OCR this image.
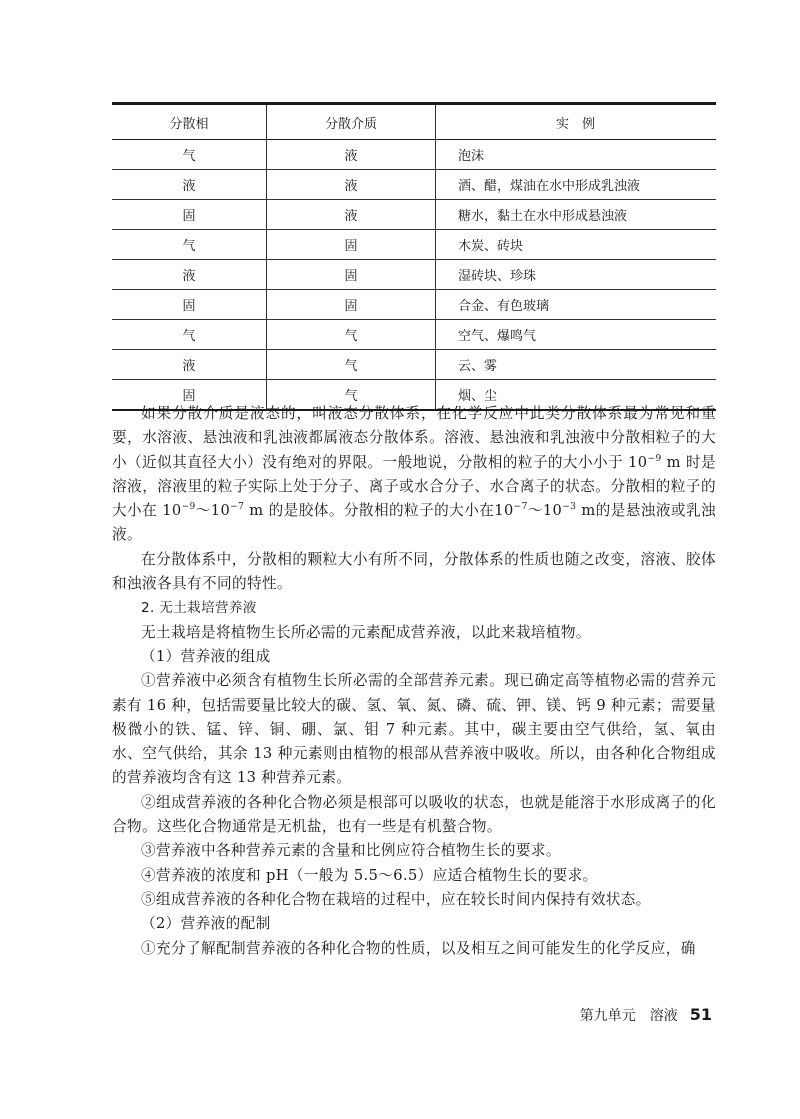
分散相	分散介质	实　例
气	液	泡沫
液	液	酒、醋，煤油在水中形成乳浊液
固	液	糖水，黏土在水中形成悬浊液
气	固	木炭、砖块
液	固	湿砖块、珍珠
固	固	合金、有色玻璃
气	气	空气、爆鸣气
液	气	云、雾
固	气	烟、尘

如果分散介质是液态的，叫液态分散体系，在化学反应中此类分散体系最为常见和重要，水溶液、悬浊液和乳浊液都属液态分散体系。溶液、悬浊液和乳浊液中分散相粒子的大小（近似其直径大小）没有绝对的界限。一般地说，分散相的粒子的大小小于 $10^{-9}$ m 时是溶液，溶液里的粒子实际上处于分子、离子或水合分子、水合离子的状态。分散相的粒子的大小在 $10^{-9}\sim 10^{-7}$ m 的是胶体。分散相的粒子的大小在$10^{-7}\sim 10^{-3}$ m的是悬浊液或乳浊液。

在分散体系中，分散相的颗粒大小有所不同，分散体系的性质也随之改变，溶液、胶体和浊液各具有不同的特性。

2. 无土栽培营养液

无土栽培是将植物生长所必需的元素配成营养液，以此来栽培植物。

（1）营养液的组成

①营养液中必须含有植物生长所必需的全部营养元素。现已确定高等植物必需的营养元素有 16 种，包括需要量比较大的碳、氢、氧、氮、磷、硫、钾、镁、钙 9 种元素；需要量极微小的铁、锰、锌、铜、硼、氯、钼 7 种元素。其中，碳主要由空气供给，氢、氧由水、空气供给，其余 13 种元素则由植物的根部从营养液中吸收。所以，由各种化合物组成的营养液均含有这 13 种营养元素。

②组成营养液的各种化合物必须是根部可以吸收的状态，也就是能溶于水形成离子的化合物。这些化合物通常是无机盐，也有一些是有机螯合物。

③营养液中各种营养元素的含量和比例应符合植物生长的要求。

④营养液的浓度和 pH（一般为 5.5～6.5）应适合植物生长的要求。

⑤组成营养液的各种化合物在栽培的过程中，应在较长时间内保持有效状态。

（2）营养液的配制

①充分了解配制营养液的各种化合物的性质，以及相互之间可能发生的化学反应，确

第九单元　溶液 51
